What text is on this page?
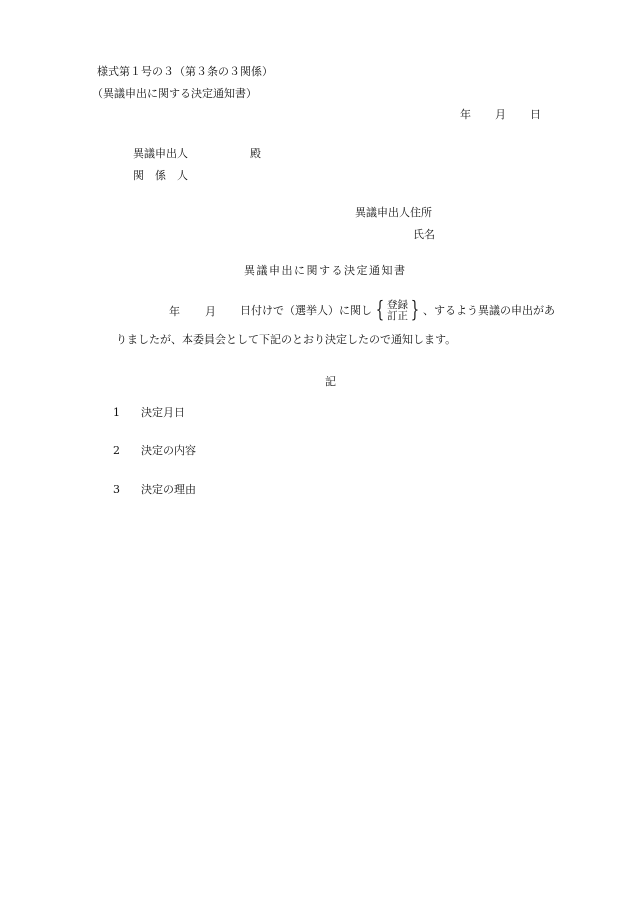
様式第１号の３（第３条の３関係）
（異議申出に関する決定通知書）
年 月 日
異議申出人	殿
関　係　人
異議申出人住所
氏名
異議申出に関する決定通知書
年 月 日付けで（選挙人）に関し { 登録
訂正 } 、するよう異議の申出があ
りましたが、本委員会として下記のとおり決定したので通知します。
記
1 決定月日
2 決定の内容
3 決定の理由
